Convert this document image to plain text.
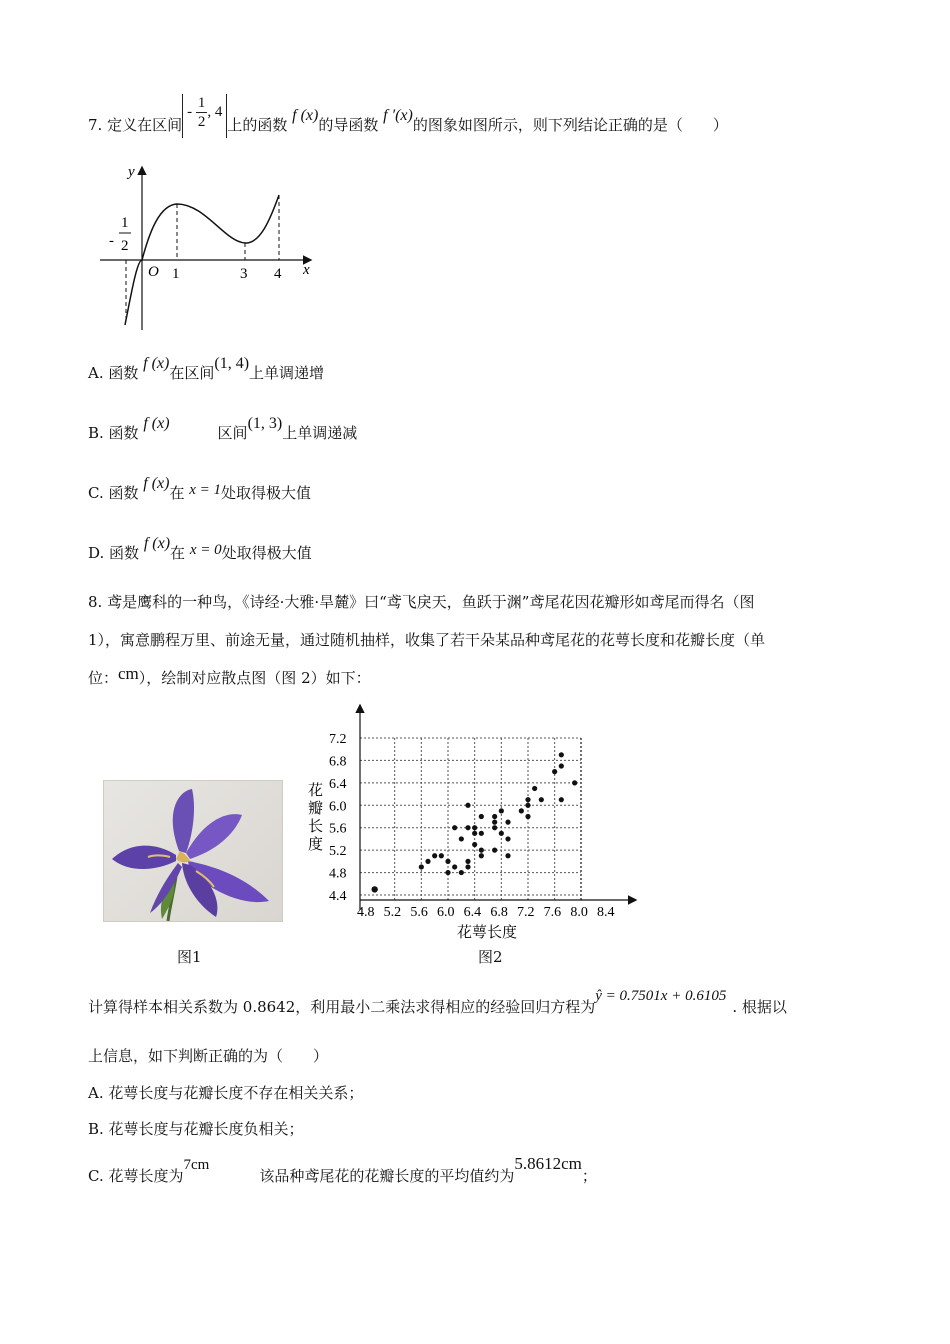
7. 定义在区间- $\frac{1}{2}$ , 4上的函数 f (x)的导函数 f ′(x)的图象如图所示，则下列结论正确的是（　　）
y
x
O
-
1
2
1	3 4
A. 函数 f (x)在区间(1, 4)上单调递增
B. 函数 f (x)区间(1, 3)上单调递减
C. 函数 f (x)在 x = 1处取得极大值
D. 函数 f (x)在 x = 0处取得极大值
8. 鸢是鹰科的一种鸟，《诗经·大雅·旱麓》曰“鸢飞戾天，鱼跃于渊”鸢尾花因花瓣形如鸢尾而得名（图
1），寓意鹏程万里、前途无量，通过随机抽样，收集了若干朵某品种鸢尾花的花萼长度和花瓣长度（单
位：cm），绘制对应散点图（图 2）如下：
图1
4.8 5.2 5.6 6.0 6.4 6.8 7.2 7.6 8.0 8.4
4.4
4.8
5.2
5.6
6.0
6.4
6.8
7.2
花萼长度
花瓣长度
图2
计算得样本相关系数为 0.8642，利用最小二乘法求得相应的经验回归方程为ŷ = 0.7501x + 0.6105. 根据以
上信息，如下判断正确的为（　　）
A. 花萼长度与花瓣长度不存在相关关系；
B. 花萼长度与花瓣长度负相关；
C. 花萼长度为7cm该品种鸢尾花的花瓣长度的平均值约为5.8612cm；
